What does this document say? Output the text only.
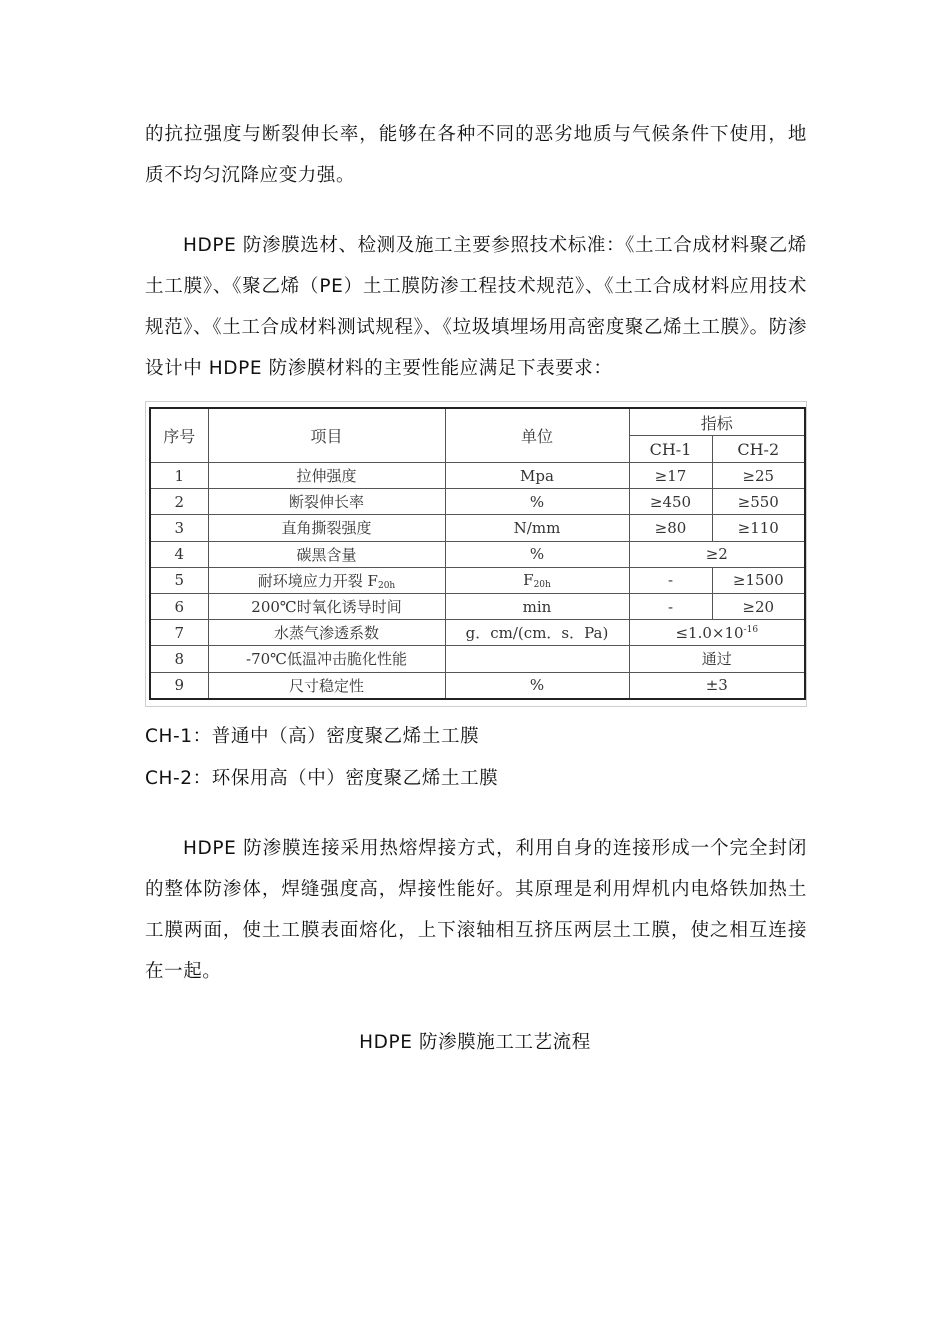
的抗拉强度与断裂伸长率，能够在各种不同的恶劣地质与气候条件下使用，地质不均匀沉降应变力强。

HDPE 防渗膜选材、检测及施工主要参照技术标准：《土工合成材料聚乙烯土工膜》、《聚乙烯（PE）土工膜防渗工程技术规范》、《土工合成材料应用技术规范》、《土工合成材料测试规程》、《垃圾填埋场用高密度聚乙烯土工膜》。防渗设计中 HDPE 防渗膜材料的主要性能应满足下表要求：

序号	项目	单位	指标	
			CH-1	CH-2
1	拉伸强度	Mpa	≥17	≥25
2	断裂伸长率	%	≥450	≥550
3	直角撕裂强度	N/mm	≥80	≥110
4	碳黑含量	%	≥2	
5	耐环境应力开裂 $F_{20h}$	$F_{20h}$	-	≥1500
6	200℃时氧化诱导时间	min	-	≥20
7	水蒸气渗透系数	g．cm/(cm．s．Pa)	$\le 1.0\times 10^{-16}$
8	-70℃低温冲击脆化性能		通过	
9	尺寸稳定性	%	±3	

CH-1：普通中（高）密度聚乙烯土工膜

CH-2：环保用高（中）密度聚乙烯土工膜

HDPE 防渗膜连接采用热熔焊接方式，利用自身的连接形成一个完全封闭的整体防渗体，焊缝强度高，焊接性能好。其原理是利用焊机内电烙铁加热土工膜两面，使土工膜表面熔化，上下滚轴相互挤压两层土工膜，使之相互连接在一起。

HDPE 防渗膜施工工艺流程
